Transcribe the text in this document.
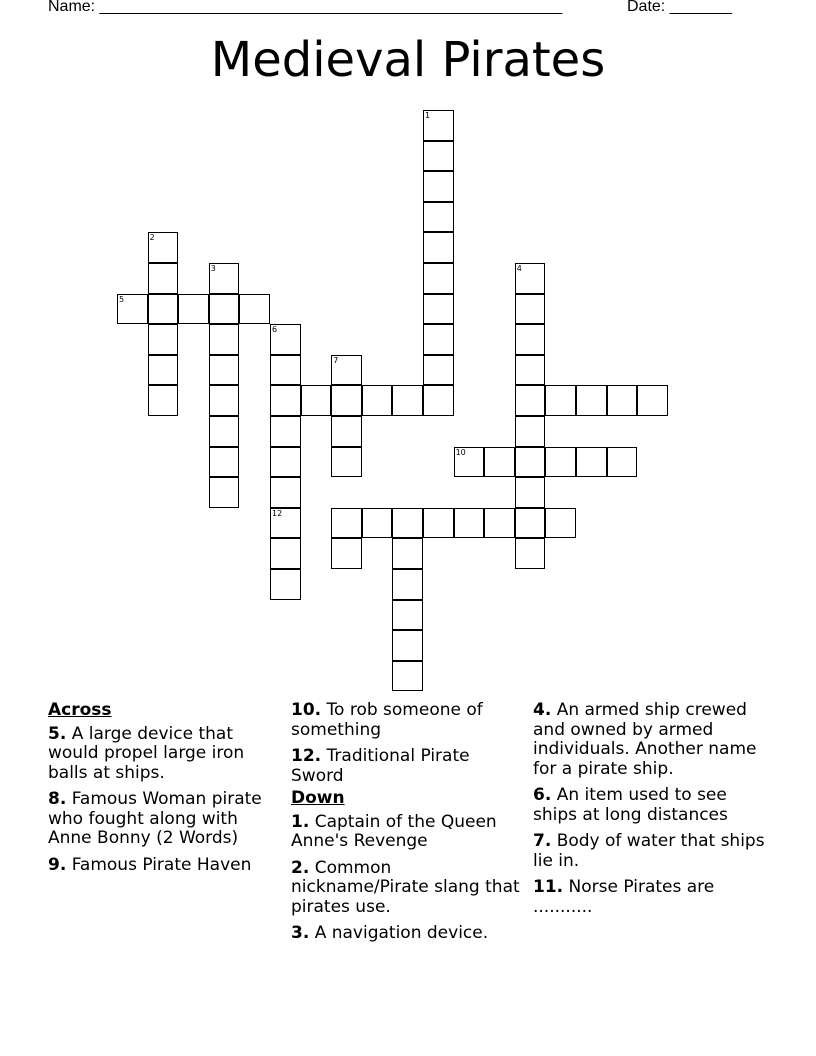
Name: ____________________________________________________	Date: _______
Medieval Pirates
1
2
3	4
5
6
12
7
10
Across
5. A large device that would propel large iron balls at ships.
8. Famous Woman pirate who fought along with Anne Bonny (2 Words)
9. Famous Pirate Haven
10. To rob someone of something
12. Traditional Pirate Sword
Down
1. Captain of the Queen Anne's Revenge
2. Common nickname/Pirate slang that pirates use.
3. A navigation device.
4. An armed ship crewed and owned by armed individuals. Another name for a pirate ship.
6. An item used to see ships at long distances
7. Body of water that ships lie in.
11. Norse Pirates are ...........
